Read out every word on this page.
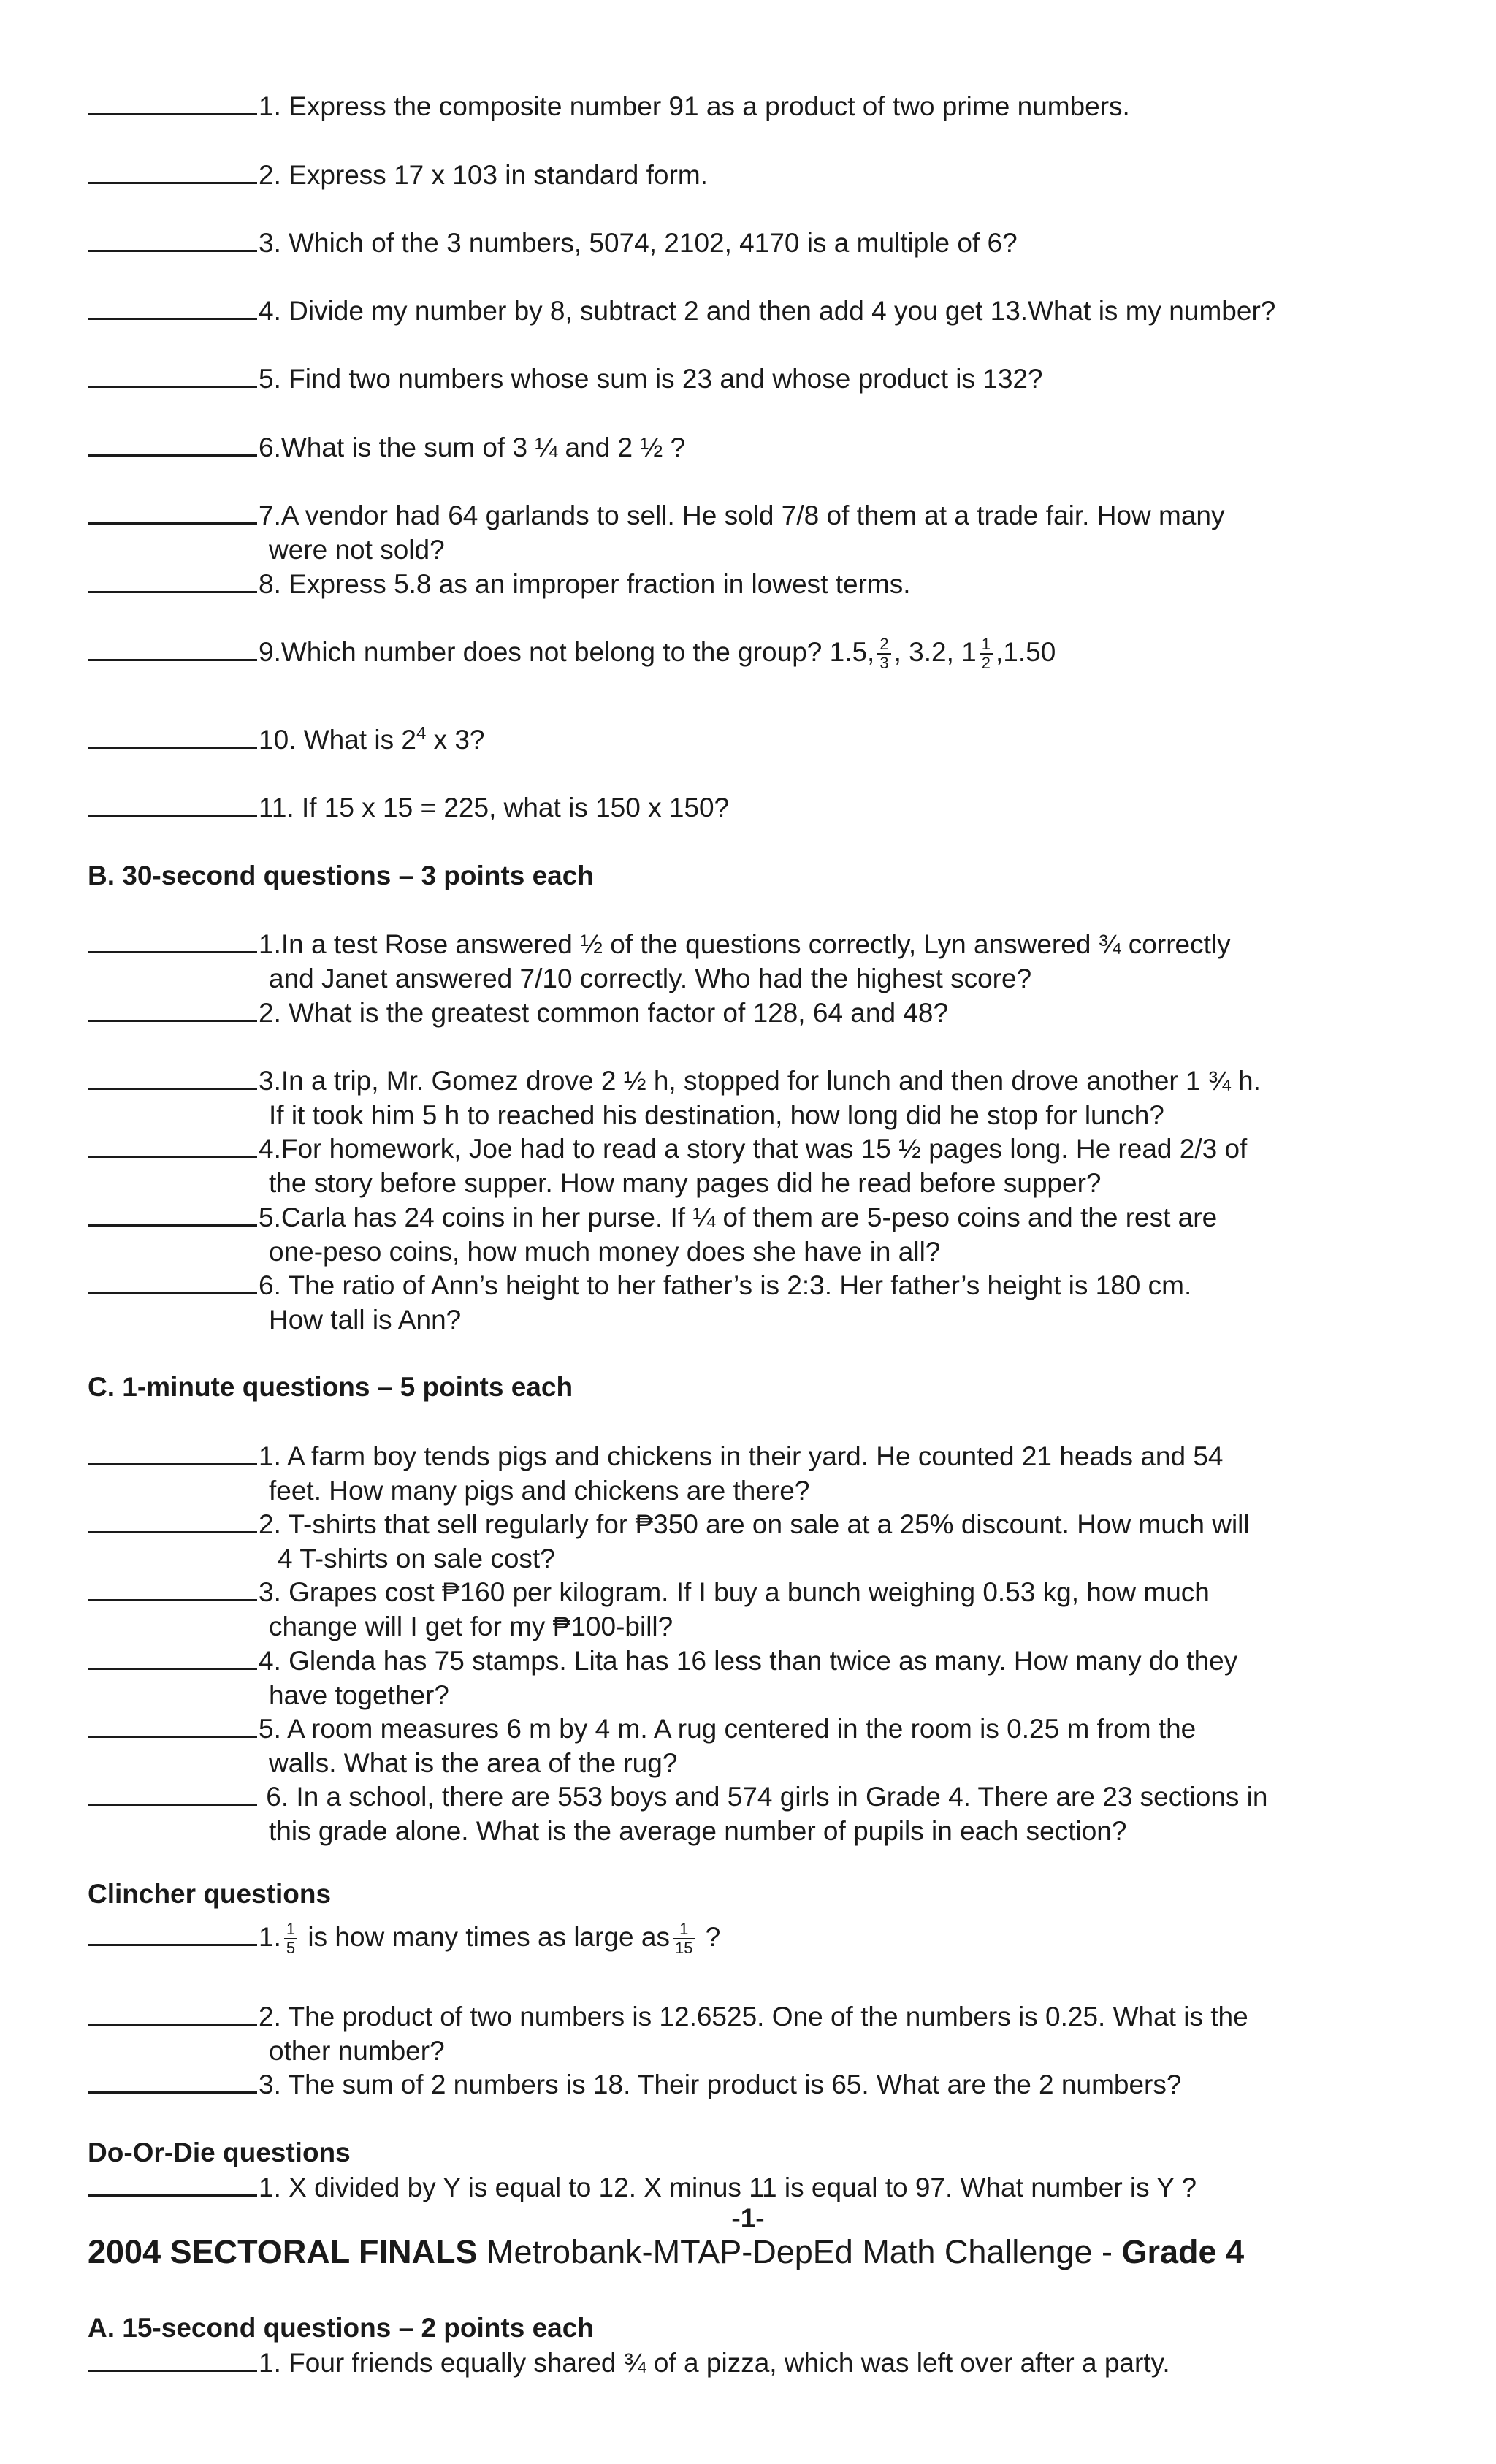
1. Express the composite number 91 as a product of two prime numbers.
2. Express 17 x 103 in standard form.
3. Which of the 3 numbers, 5074, 2102, 4170 is a multiple of 6?
4. Divide my number by 8, subtract 2 and then add 4 you get 13.What is my number?
5. Find two numbers whose sum is 23 and whose product is 132?
6.What is the sum of 3 ¼ and 2 ½ ?
7.A vendor had 64 garlands to sell. He sold 7/8 of them at a trade fair. How many
were not sold?
8. Express 5.8 as an improper fraction in lowest terms.
9.Which number does not belong to the group? 1.5, $\frac{2}{3}$ , 3.2, $1 \frac{1}{2} ,1.50$
10. What is $2^4$ x 3?
11. If 15 x 15 = 225, what is 150 x 150?
B. 30-second questions – 3 points each
1.In a test Rose answered ½ of the questions correctly, Lyn answered ¾ correctly
and Janet answered 7/10 correctly. Who had the highest score?
2. What is the greatest common factor of 128, 64 and 48?
3.In a trip, Mr. Gomez drove 2 ½ h, stopped for lunch and then drove another 1 ¾ h.
If it took him 5 h to reached his destination, how long did he stop for lunch?
4.For homework, Joe had to read a story that was 15 ½ pages long. He read 2/3 of
the story before supper. How many pages did he read before supper?
5.Carla has 24 coins in her purse. If ¼ of them are 5-peso coins and the rest are
one-peso coins, how much money does she have in all?
6. The ratio of Ann’s height to her father’s is 2:3. Her father’s height is 180 cm.
How tall is Ann?
C. 1-minute questions – 5 points each
1. A farm boy tends pigs and chickens in their yard. He counted 21 heads and 54
feet. How many pigs and chickens are there?
2. T-shirts that sell regularly for ₱350 are on sale at a 25% discount. How much will
4 T-shirts on sale cost?
3. Grapes cost ₱160 per kilogram. If I buy a bunch weighing 0.53 kg, how much
change will I get for my ₱100-bill?
4. Glenda has 75 stamps. Lita has 16 less than twice as many. How many do they
have together?
5. A room measures 6 m by 4 m. A rug centered in the room is 0.25 m from the
walls. What is the area of the rug?
6. In a school, there are 553 boys and 574 girls in Grade 4. There are 23 sections in
this grade alone. What is the average number of pupils in each section?
Clincher questions
1. $\frac{1}{5}$ is how many times as large as $\frac{1}{15}$ ?
2. The product of two numbers is 12.6525. One of the numbers is 0.25. What is the
other number?
3. The sum of 2 numbers is 18. Their product is 65. What are the 2 numbers?
Do-Or-Die questions
1. X divided by Y is equal to 12. X minus 11 is equal to 97. What number is Y ?
-1-
2004 SECTORAL FINALS Metrobank-MTAP-DepEd Math Challenge - Grade 4
A. 15-second questions – 2 points each
1. Four friends equally shared ¾ of a pizza, which was left over after a party.
